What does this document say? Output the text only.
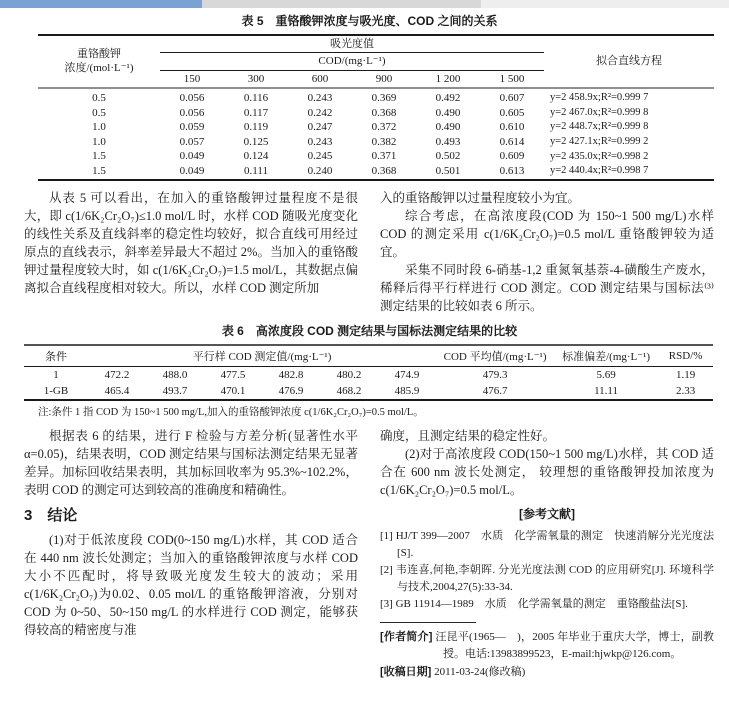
表 5　重铬酸钾浓度与吸光度、COD 之间的关系
重铬酸钾
浓度/(mol·L⁻¹)	吸光度值						拟合直线方程
	COD/(mg·L⁻¹)						
	150	300	600	900	1 200	1 500	
0.5	0.056	0.116	0.243	0.369	0.492	0.607	y=2 458.9x;R²=0.999 7
0.5	0.056	0.117	0.242	0.368	0.490	0.605	y=2 467.0x;R²=0.999 8
1.0	0.059	0.119	0.247	0.372	0.490	0.610	y=2 448.7x;R²=0.999 8
1.0	0.057	0.125	0.243	0.382	0.493	0.614	y=2 427.1x;R²=0.999 2
1.5	0.049	0.124	0.245	0.371	0.502	0.609	y=2 435.0x;R²=0.998 2
1.5	0.049	0.111	0.240	0.368	0.501	0.613	y=2 440.4x;R²=0.998 7

从表 5 可以看出，在加入的重铬酸钾过量程度不是很大，即 c(1/6K₂Cr₂O₇)≤1.0 mol/L 时，水样 COD 随吸光度变化的线性关系及直线斜率的稳定性均较好，拟合直线可用经过原点的直线表示，斜率差异最大不超过 2%。当加入的重铬酸钾过量程度较大时，如 c(1/6K₂Cr₂O₇)=1.5 mol/L，其数据点偏离拟合直线程度相对较大。所以，水样 COD 测定所加

入的重铬酸钾以过量程度较小为宜。

综合考虑，在高浓度段(COD 为 150~1 500 mg/L)水样 COD 的测定采用 c(1/6K₂Cr₂O₇)=0.5 mol/L 重铬酸钾较为适宜。

采集不同时段 6-硝基-1,2 重氮氧基萘-4-磺酸生产废水，稀释后得平行样进行 COD 测定。COD 测定结果与国标法⁽³⁾测定结果的比较如表 6 所示。

表 6　高浓度段 COD 测定结果与国标法测定结果的比较
条件	平行样 COD 测定值/(mg·L⁻¹)						COD 平均值/(mg·L⁻¹)	标准偏差/(mg·L⁻¹)	RSD/%
1	472.2	488.0	477.5	482.8	480.2	474.9	479.3	5.69	1.19
1-GB	465.4	493.7	470.1	476.9	468.2	485.9	476.7	11.11	2.33
注:条件 1 指 COD 为 150~1 500 mg/L,加入的重铬酸钾浓度 c(1/6K₂Cr₂O₇)=0.5 mol/L。

根据表 6 的结果，进行 F 检验与方差分析(显著性水平 α=0.05)，结果表明，COD 测定结果与国标法测定结果无显著差异。加标回收结果表明，其加标回收率为 95.3%~102.2%， 表明 COD 的测定可达到较高的准确度和精确性。

3　结论

(1)对于低浓度段 COD(0~150 mg/L)水样，其 COD 适合在 440 nm 波长处测定；当加入的重铬酸钾浓度与水样 COD 大小不匹配时，将导致吸光度发生较大的波动；采用 c(1/6K₂Cr₂O₇)为0.02、0.05 mol/L 的重铬酸钾溶液，分别对 COD 为 0~50、50~150 mg/L 的水样进行 COD 测定，能够获得较高的精密度与准

确度，且测定结果的稳定性好。

(2)对于高浓度段 COD(150~1 500 mg/L)水样，其 COD 适合在 600 nm 波长处测定， 较理想的重铬酸钾投加浓度为 c(1/6K₂Cr₂O₇)=0.5 mol/L。

[参考文献]

[1] HJ/T 399—2007　水质　化学需氧量的测定　快速消解分光光度法[S].

[2] 韦连喜,何艳,李朝晖. 分光光度法测 COD 的应用研究[J]. 环境科学与技术,2004,27(5):33-34.

[3] GB 11914—1989　水质　化学需氧量的测定　重铬酸盐法[S].

[作者简介] 汪昆平(1965—　)，2005 年毕业于重庆大学，博士，副教授。电话:13983899523，E-mail:hjwkp@126.com。

[收稿日期] 2011-03-24(修改稿)
